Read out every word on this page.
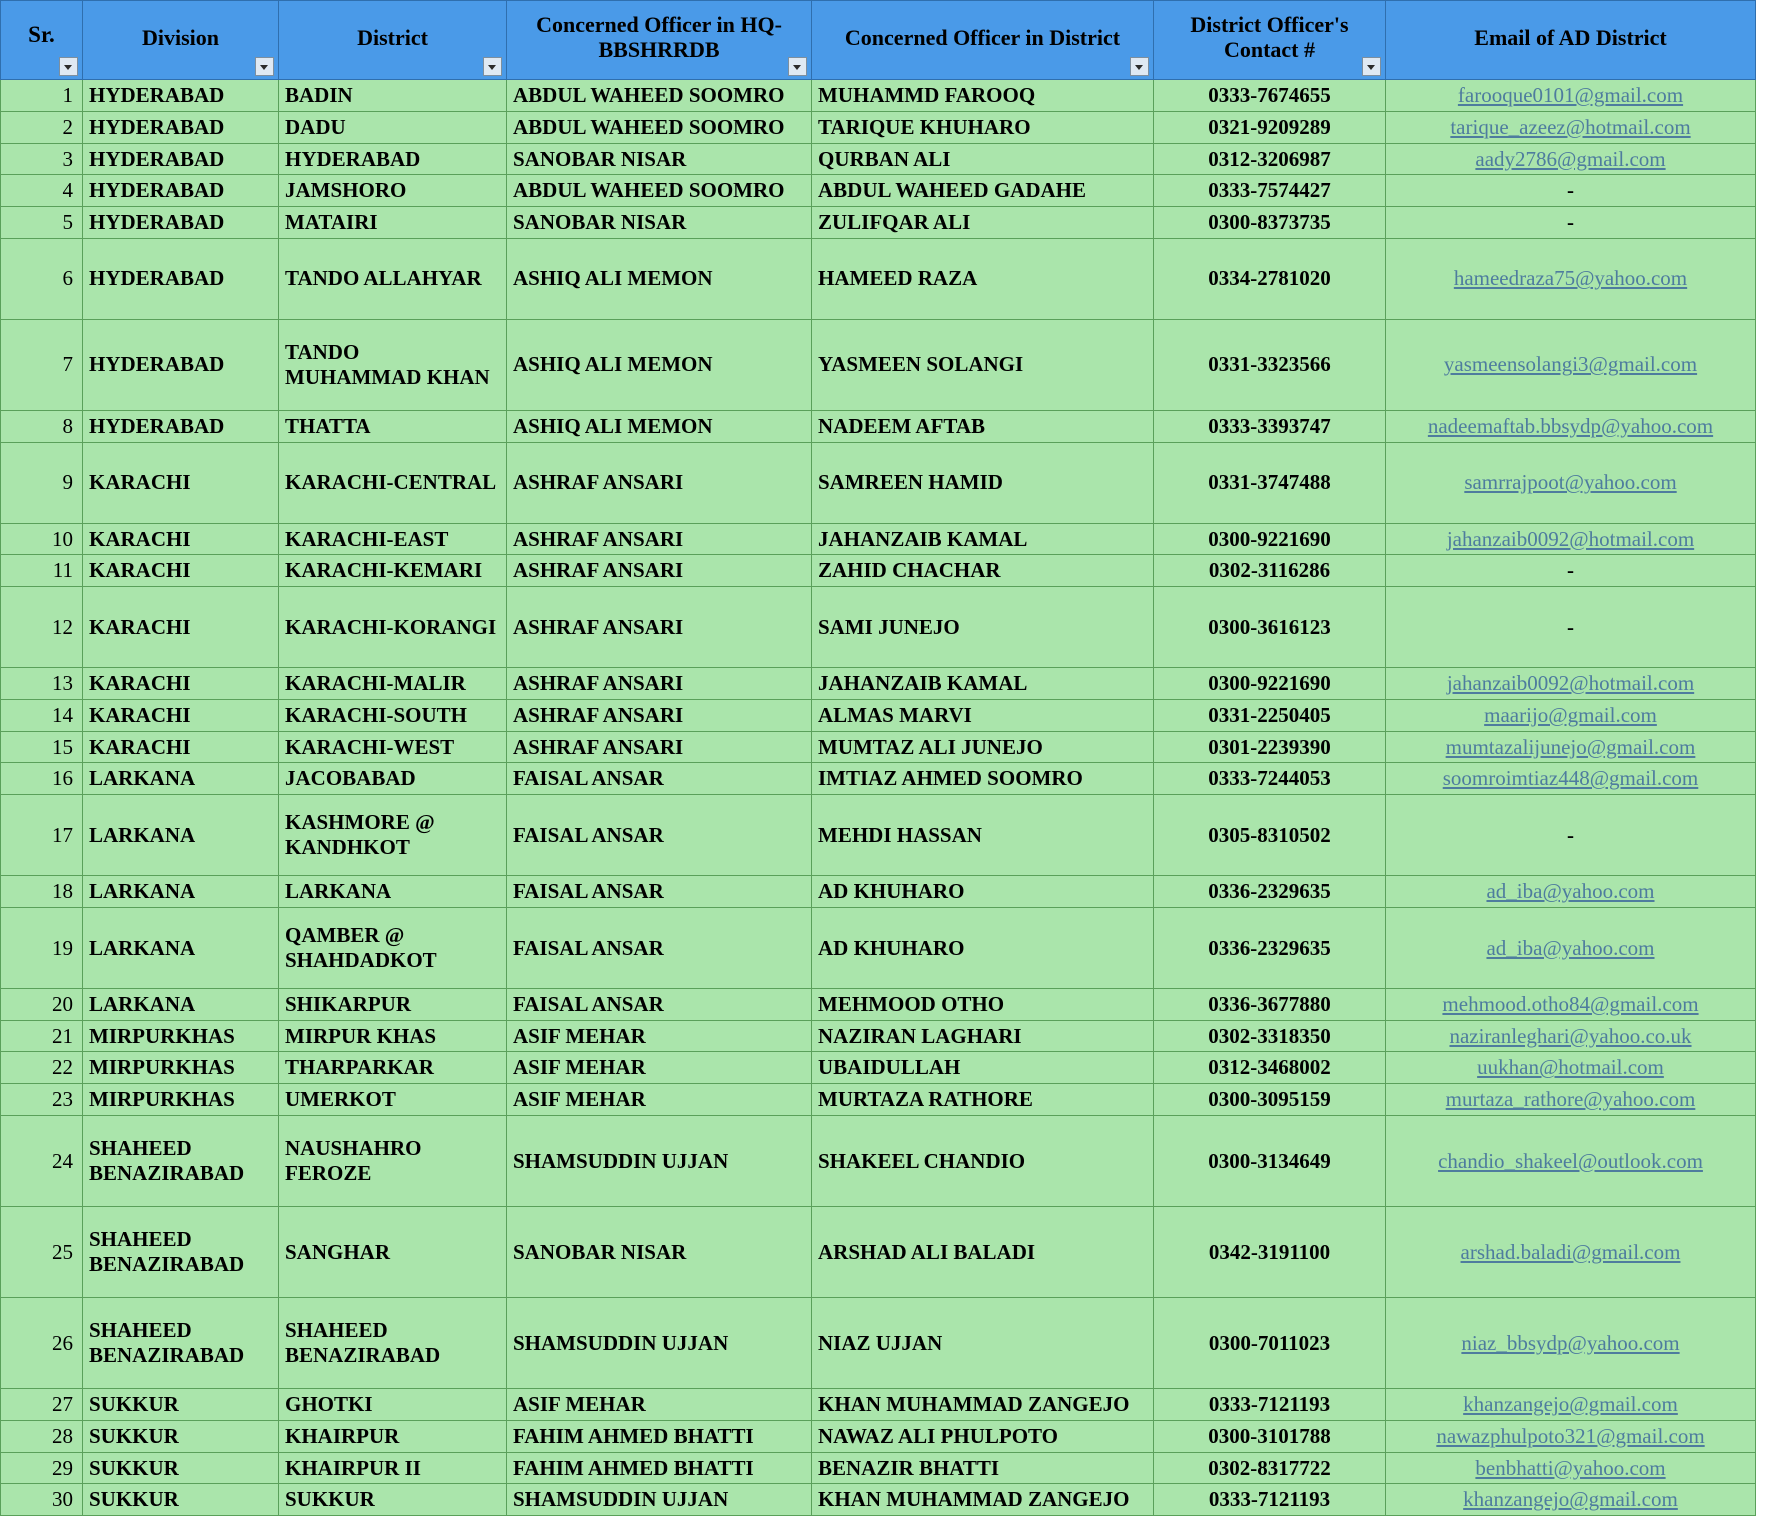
Sr.	Division	District	Concerned Officer in HQ-BBSHRRDB	Concerned Officer in District	District Officer's Contact #	Email of AD District
1	HYDERABAD	BADIN	ABDUL WAHEED SOOMRO	MUHAMMD FAROOQ	0333-7674655	farooque0101@gmail.com
2	HYDERABAD	DADU	ABDUL WAHEED SOOMRO	TARIQUE KHUHARO	0321-9209289	tarique_azeez@hotmail.com
3	HYDERABAD	HYDERABAD	SANOBAR NISAR	QURBAN ALI	0312-3206987	aady2786@gmail.com
4	HYDERABAD	JAMSHORO	ABDUL WAHEED SOOMRO	ABDUL WAHEED GADAHE	0333-7574427	-
5	HYDERABAD	MATAIRI	SANOBAR NISAR	ZULIFQAR ALI	0300-8373735	-
6	HYDERABAD	TANDO ALLAHYAR	ASHIQ ALI MEMON	HAMEED RAZA	0334-2781020	hameedraza75@yahoo.com
7	HYDERABAD	TANDO MUHAMMAD KHAN	ASHIQ ALI MEMON	YASMEEN SOLANGI	0331-3323566	yasmeensolangi3@gmail.com
8	HYDERABAD	THATTA	ASHIQ ALI MEMON	NADEEM AFTAB	0333-3393747	nadeemaftab.bbsydp@yahoo.com
9	KARACHI	KARACHI-CENTRAL	ASHRAF ANSARI	SAMREEN HAMID	0331-3747488	samrrajpoot@yahoo.com
10	KARACHI	KARACHI-EAST	ASHRAF ANSARI	JAHANZAIB KAMAL	0300-9221690	jahanzaib0092@hotmail.com
11	KARACHI	KARACHI-KEMARI	ASHRAF ANSARI	ZAHID CHACHAR	0302-3116286	-
12	KARACHI	KARACHI-KORANGI	ASHRAF ANSARI	SAMI JUNEJO	0300-3616123	-
13	KARACHI	KARACHI-MALIR	ASHRAF ANSARI	JAHANZAIB KAMAL	0300-9221690	jahanzaib0092@hotmail.com
14	KARACHI	KARACHI-SOUTH	ASHRAF ANSARI	ALMAS MARVI	0331-2250405	maarijo@gmail.com
15	KARACHI	KARACHI-WEST	ASHRAF ANSARI	MUMTAZ ALI JUNEJO	0301-2239390	mumtazalijunejo@gmail.com
16	LARKANA	JACOBABAD	FAISAL ANSAR	IMTIAZ AHMED SOOMRO	0333-7244053	soomroimtiaz448@gmail.com
17	LARKANA	KASHMORE @ KANDHKOT	FAISAL ANSAR	MEHDI HASSAN	0305-8310502	-
18	LARKANA	LARKANA	FAISAL ANSAR	AD KHUHARO	0336-2329635	ad_iba@yahoo.com
19	LARKANA	QAMBER @ SHAHDADKOT	FAISAL ANSAR	AD KHUHARO	0336-2329635	ad_iba@yahoo.com
20	LARKANA	SHIKARPUR	FAISAL ANSAR	MEHMOOD OTHO	0336-3677880	mehmood.otho84@gmail.com
21	MIRPURKHAS	MIRPUR KHAS	ASIF MEHAR	NAZIRAN LAGHARI	0302-3318350	naziranleghari@yahoo.co.uk
22	MIRPURKHAS	THARPARKAR	ASIF MEHAR	UBAIDULLAH	0312-3468002	uukhan@hotmail.com
23	MIRPURKHAS	UMERKOT	ASIF MEHAR	MURTAZA RATHORE	0300-3095159	murtaza_rathore@yahoo.com
24	SHAHEED BENAZIRABAD	NAUSHAHRO FEROZE	SHAMSUDDIN UJJAN	SHAKEEL CHANDIO	0300-3134649	chandio_shakeel@outlook.com
25	SHAHEED BENAZIRABAD	SANGHAR	SANOBAR NISAR	ARSHAD ALI BALADI	0342-3191100	arshad.baladi@gmail.com
26	SHAHEED BENAZIRABAD	SHAHEED BENAZIRABAD	SHAMSUDDIN UJJAN	NIAZ UJJAN	0300-7011023	niaz_bbsydp@yahoo.com
27	SUKKUR	GHOTKI	ASIF MEHAR	KHAN MUHAMMAD ZANGEJO	0333-7121193	khanzangejo@gmail.com
28	SUKKUR	KHAIRPUR	FAHIM AHMED BHATTI	NAWAZ ALI PHULPOTO	0300-3101788	nawazphulpoto321@gmail.com
29	SUKKUR	KHAIRPUR II	FAHIM AHMED BHATTI	BENAZIR BHATTI	0302-8317722	benbhatti@yahoo.com
30	SUKKUR	SUKKUR	SHAMSUDDIN UJJAN	KHAN MUHAMMAD ZANGEJO	0333-7121193	khanzangejo@gmail.com
